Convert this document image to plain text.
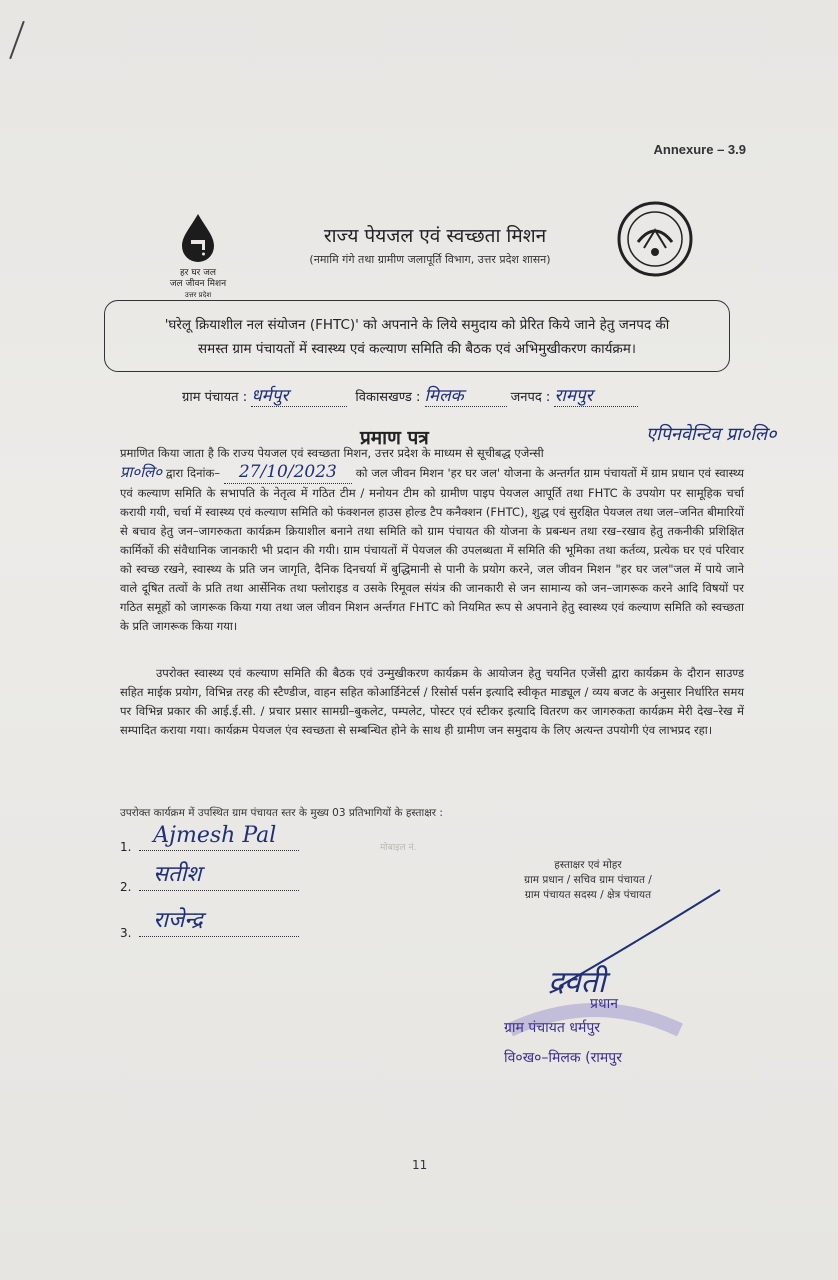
Annexure – 3.9
हर घर जल
जल जीवन मिशन
उत्तर प्रदेश
राज्य पेयजल एवं स्वच्छता मिशन
(नमामि गंगे तथा ग्रामीण जलापूर्ति विभाग, उत्तर प्रदेश शासन)
'घरेलू क्रियाशील नल संयोजन (FHTC)' को अपनाने के लिये समुदाय को प्रेरित किये जाने हेतु जनपद की
समस्त ग्राम पंचायतों में स्वास्थ्य एवं कल्याण समिति की बैठक एवं अभिमुखीकरण कार्यक्रम।
ग्राम पंचायत : धर्मपुर	विकासखण्ड : मिलक	जनपद : रामपुर
प्रमाण पत्र	एपिनवेन्टिव प्रा०लि०
प्रमाणित किया जाता है कि राज्य पेयजल एवं स्वच्छता मिशन, उत्तर प्रदेश के माध्यम से सूचीबद्ध एजेन्सी
प्रा०लि० द्वारा दिनांक– 27/10/2023 को जल जीवन मिशन 'हर घर जल' योजना के अन्तर्गत ग्राम पंचायतों में ग्राम प्रधान एवं स्वास्थ्य एवं कल्याण समिति के सभापति के नेतृत्व में गठित टीम / मनोयन टीम को ग्रामीण पाइप पेयजल आपूर्ति तथा FHTC के उपयोग पर सामूहिक चर्चा करायी गयी, चर्चा में स्वास्थ्य एवं कल्याण समिति को फंक्शनल हाउस होल्ड टैप कनैक्शन (FHTC), शुद्ध एवं सुरक्षित पेयजल तथा जल–जनित बीमारियों से बचाव हेतु जन–जागरुकता कार्यक्रम क्रियाशील बनाने तथा समिति को ग्राम पंचायत की योजना के प्रबन्धन तथा रख–रखाव हेतु तकनीकी प्रशिक्षित कार्मिकों की संवैधानिक जानकारी भी प्रदान की गयी। ग्राम पंचायतों में पेयजल की उपलब्धता में समिति की भूमिका तथा कर्तव्य, प्रत्येक घर एवं परिवार को स्वच्छ रखने, स्वास्थ्य के प्रति जन जागृति, दैनिक दिनचर्या में बुद्धिमानी से पानी के प्रयोग करने, जल जीवन मिशन "हर घर जल"जल में पाये जाने वाले दूषित तत्वों के प्रति तथा आर्सेनिक तथा फ्लोराइड व उसके रिमूवल संयंत्र की जानकारी से जन सामान्य को जन–जागरूक करने आदि विषयों पर गठित समूहों को जागरूक किया गया तथा जल जीवन मिशन अर्न्तगत FHTC को नियमित रूप से अपनाने हेतु स्वास्थ्य एवं कल्याण समिति को स्वच्छता के प्रति जागरूक किया गया।
उपरोक्त स्वास्थ्य एवं कल्याण समिति की बैठक एवं उन्मुखीकरण कार्यक्रम के आयोजन हेतु चयनित एजेंसी द्वारा कार्यक्रम के दौरान साउण्ड सहित माईक प्रयोग, विभिन्न तरह की स्टैण्डीज, वाहन सहित कोआर्डिनेटर्स / रिसोर्स पर्सन इत्यादि स्वीकृत माड्यूल / व्यय बजट के अनुसार निर्धारित समय पर विभिन्न प्रकार की आई.ई.सी. / प्रचार प्रसार सामग्री–बुकलेट, पम्पलेट, पोस्टर एवं स्टीकर इत्यादि वितरण कर जागरुकता कार्यक्रम मेरी देख–रेख में सम्पादित कराया गया। कार्यक्रम पेयजल एंव स्वच्छता से सम्बन्धित होने के साथ ही ग्रामीण जन समुदाय के लिए अत्यन्त उपयोगी एंव लाभप्रद रहा।
उपरोक्त कार्यक्रम में उपस्थित ग्राम पंचायत स्तर के मुख्य 03 प्रतिभागियों के हस्ताक्षर :
1. Ajmesh Pal
2. सतीश
3. राजेन्द्र
मोबाइल नं.
हस्ताक्षर एवं मोहर
ग्राम प्रधान / सचिव ग्राम पंचायत /
ग्राम पंचायत सदस्य / क्षेत्र पंचायत
द्रवती
प्रधान
ग्राम पंचायत धर्मपुर
वि०ख०–मिलक (रामपुर
11
